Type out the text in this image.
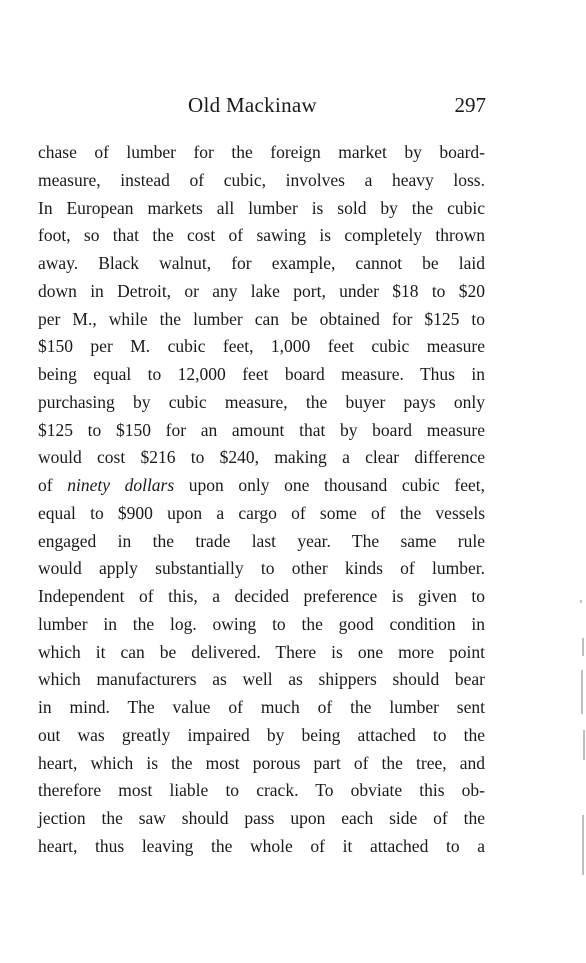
Old Mackinaw	297
chase of lumber for the foreign market by board-
measure, instead of cubic, involves a heavy loss.
In European markets all lumber is sold by the cubic
foot, so that the cost of sawing is completely thrown
away. Black walnut, for example, cannot be laid
down in Detroit, or any lake port, under $18 to $20
per M., while the lumber can be obtained for $125 to
$150 per M. cubic feet, 1,000 feet cubic measure
being equal to 12,000 feet board measure. Thus in
purchasing by cubic measure, the buyer pays only
$125 to $150 for an amount that by board measure
would cost $216 to $240, making a clear difference
of ninety dollars upon only one thousand cubic feet,
equal to $900 upon a cargo of some of the vessels
engaged in the trade last year. The same rule
would apply substantially to other kinds of lumber.
Independent of this, a decided preference is given to
lumber in the log. owing to the good condition in
which it can be delivered. There is one more point
which manufacturers as well as shippers should bear
in mind. The value of much of the lumber sent
out was greatly impaired by being attached to the
heart, which is the most porous part of the tree, and
therefore most liable to crack. To obviate this ob-
jection the saw should pass upon each side of the
heart, thus leaving the whole of it attached to a
